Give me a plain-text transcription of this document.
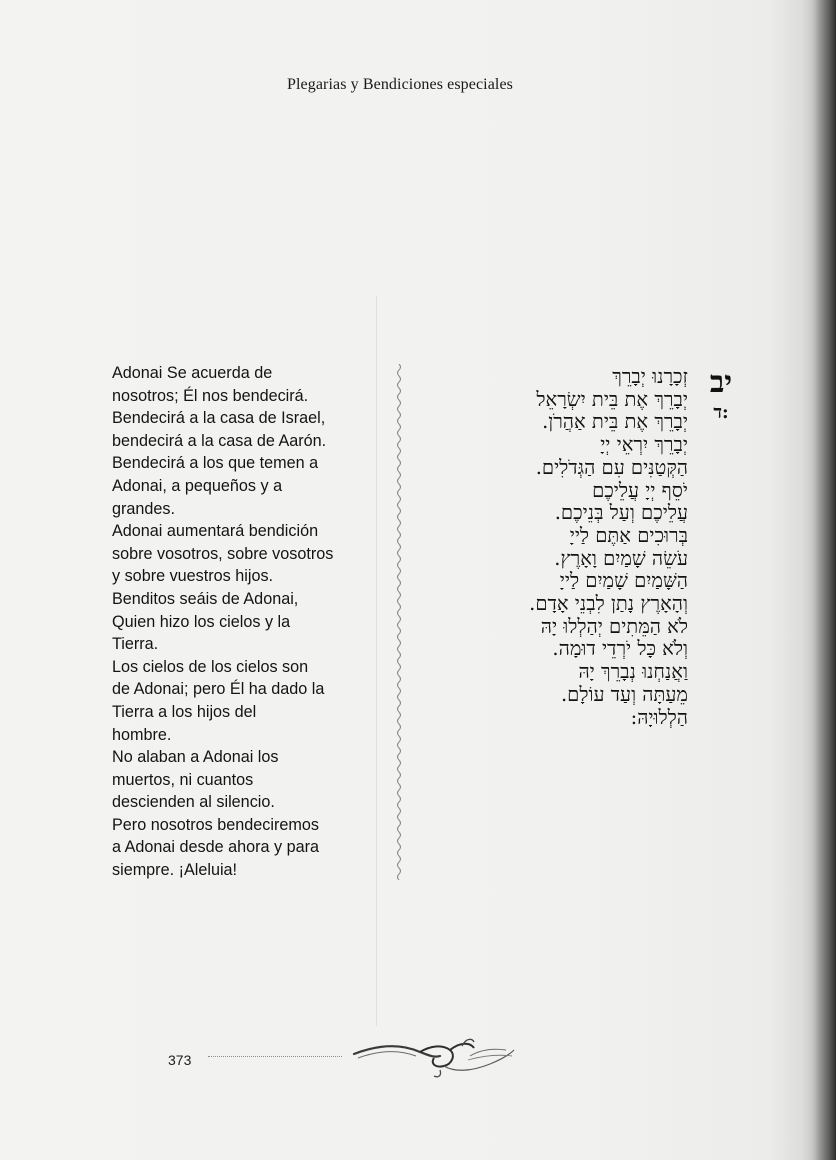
Plegarias y Bendiciones especiales
Adonai Se acuerda de
nosotros; Él nos bendecirá.
Bendecirá a la casa de Israel,
bendecirá a la casa de Aarón.
Bendecirá a los que temen a
Adonai, a pequeños y a
grandes.
Adonai aumentará bendición
sobre vosotros, sobre vosotros
y sobre vuestros hijos.
Benditos seáis de Adonai,
Quien hizo los cielos y la
Tierra.
Los cielos de los cielos son
de Adonai; pero Él ha dado la
Tierra a los hijos del
hombre.
No alaban a Adonai los
muertos, ni cuantos
descienden al silencio.
Pero nosotros bendeciremos
a Adonai desde ahora y para
siempre. ¡Aleluia!
יב
ד:
זְכָרָנוּ יְבָרֵךְ
יְבָרֵךְ אֶת בֵּית יִשְׂרָאֵל
יְבָרֵךְ אֶת בֵּית אַהֲרֹן.
יְבָרֵךְ יִרְאֵי יְיָ
הַקְּטַנִּים עִם הַגְּדֹלִים.
יֹסֵף יְיָ עֲלֵיכֶם
עֲלֵיכֶם וְעַל בְּנֵיכֶם.
בְּרוּכִים אַתֶּם לַייָ
עֹשֵׂה שָׁמַיִם וָאָרֶץ.
הַשָּׁמַיִם שָׁמַיִם לַייָ
וְהָאָרֶץ נָתַן לִבְנֵי אָדָם.
לֹא הַמֵּתִים יְהַלְלוּ יָהּ
וְלֹא כָּל יֹרְדֵי דוּמָה.
וַאֲנַחְנוּ נְבָרֵךְ יָהּ
מֵעַתָּה וְעַד עוֹלָם.
הַלְלוּיָהּ:
373
